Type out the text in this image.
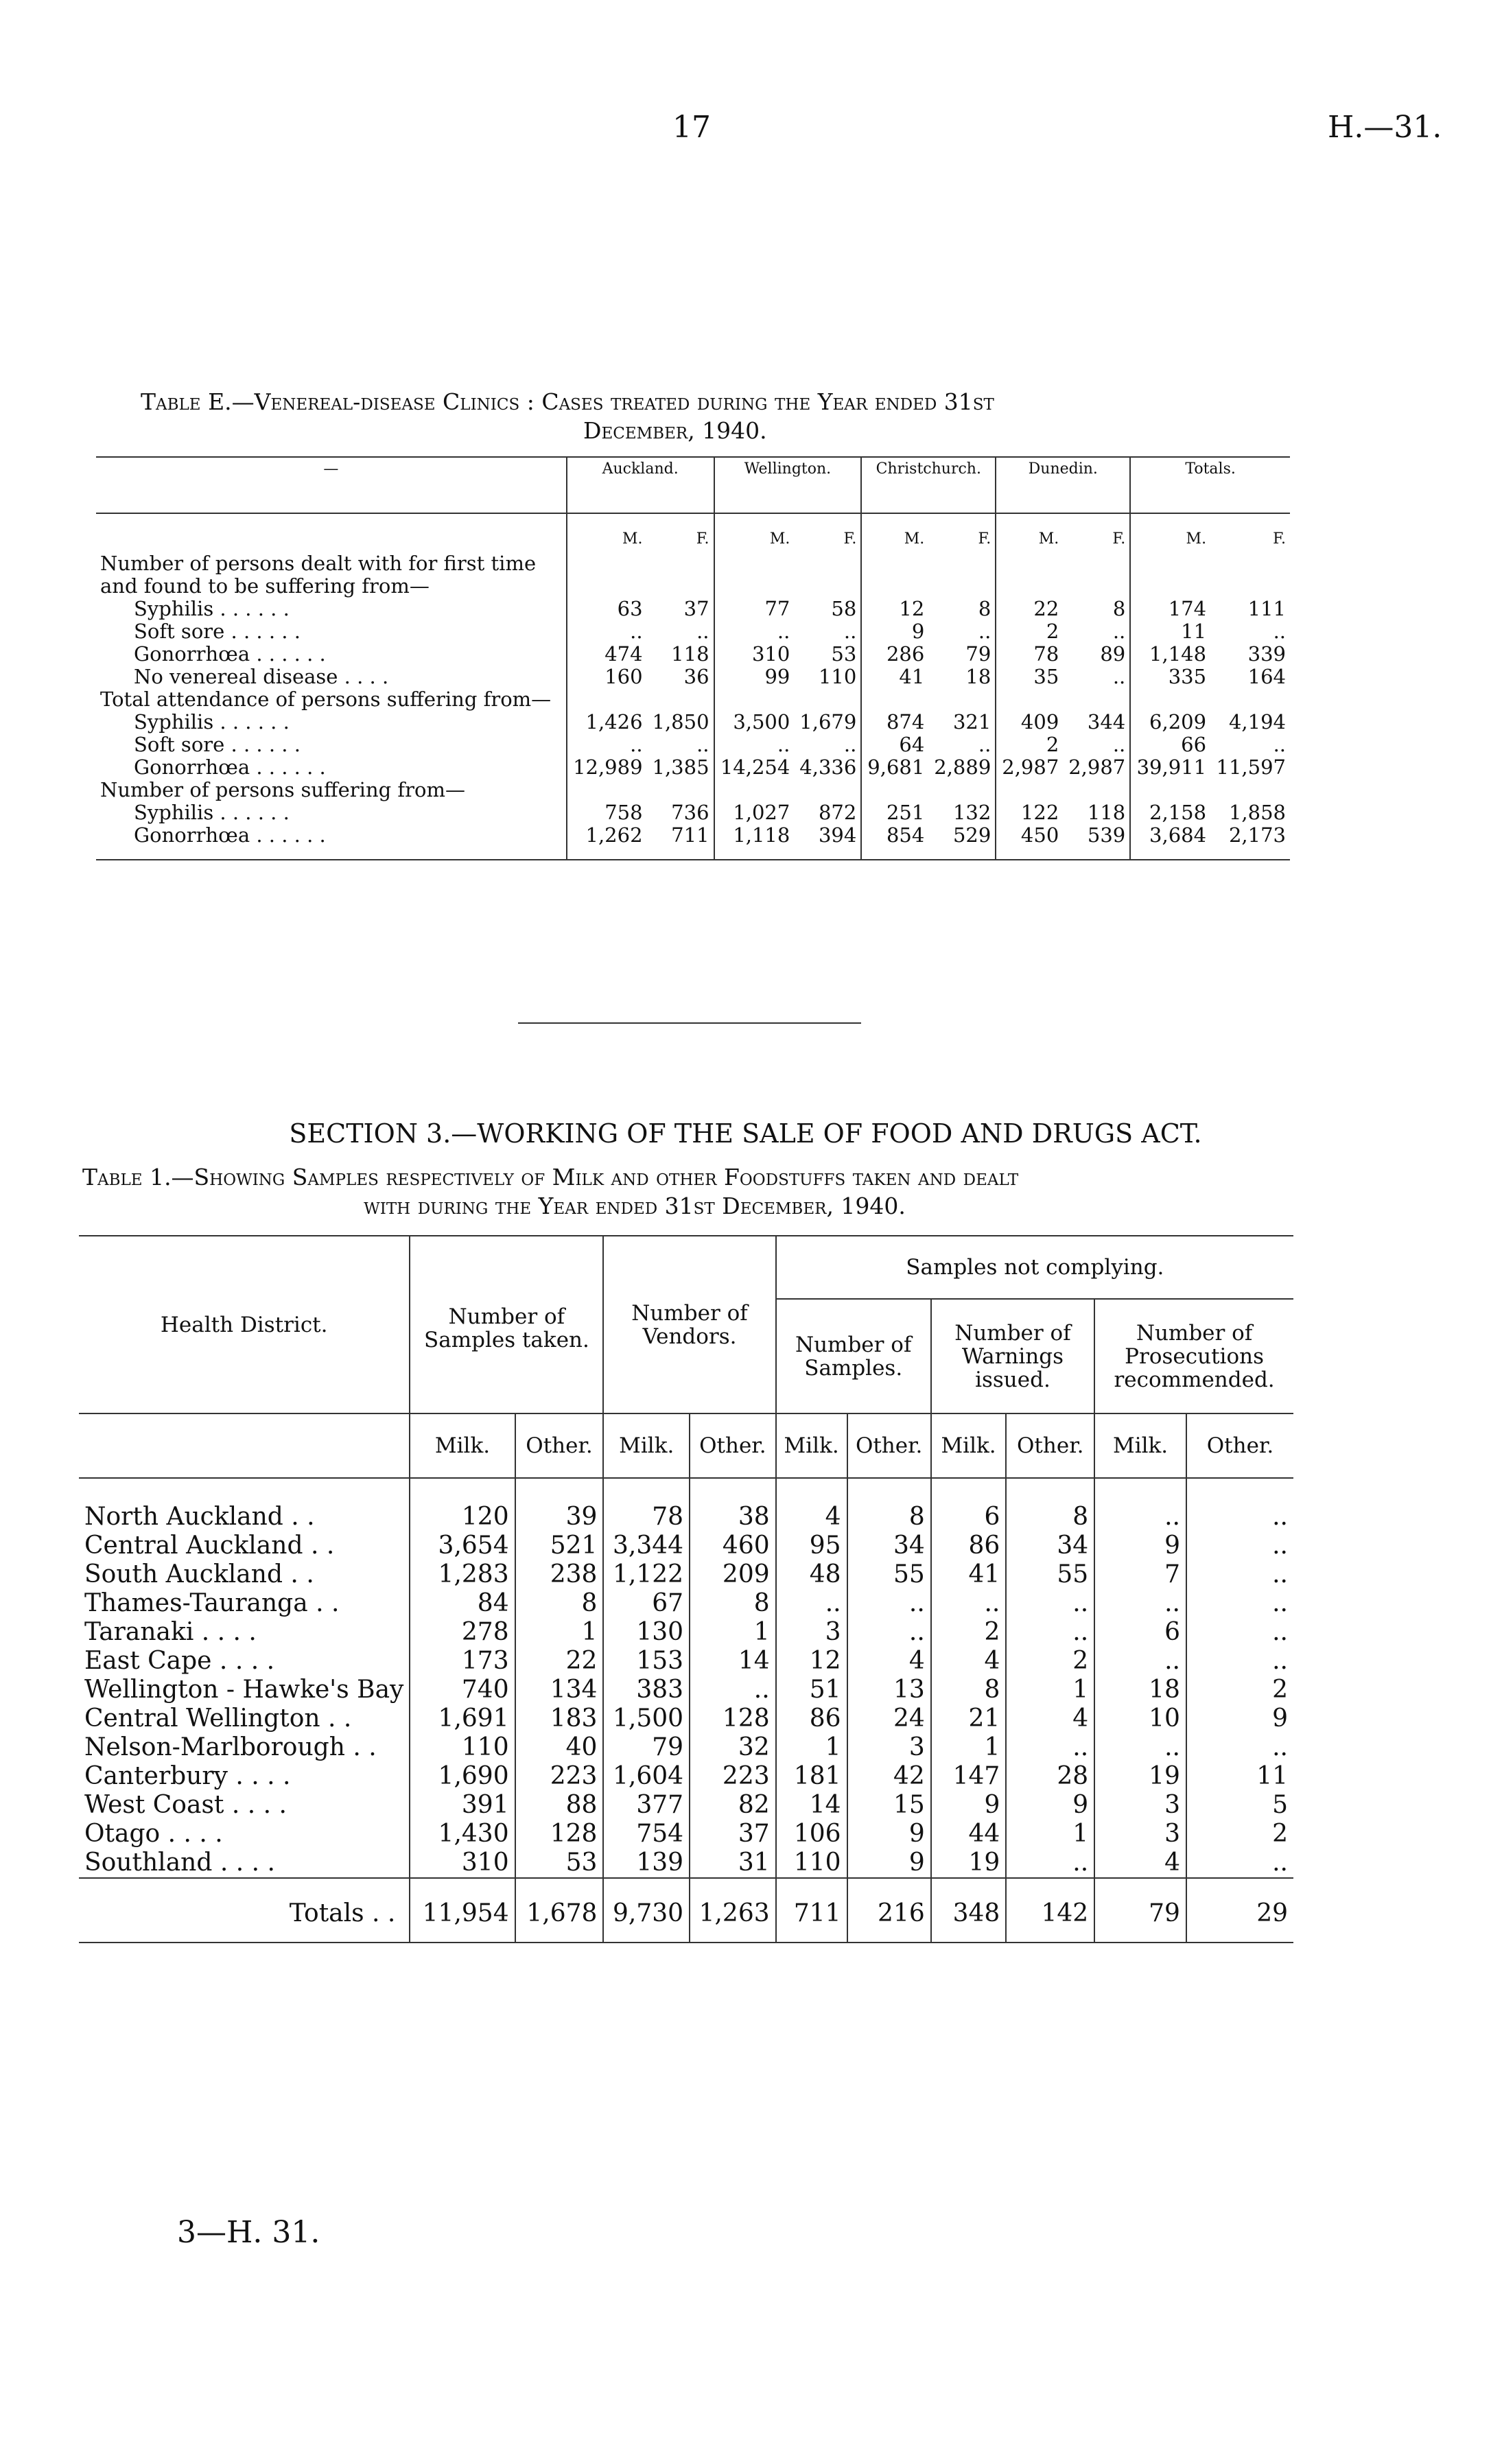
17	H.—31.
Table E.—Venereal-disease Clinics : Cases treated during the Year ended 31st
December, 1940.
—	Auckland.		Wellington.		Christchurch.		Dunedin.		Totals.	
	M.	F.	M.	F.	M.	F.	M.	F.	M.	F.
Number of persons dealt with for first time and found to be suffering from—										
Syphilis . . . . . .	63	37	77	58	12	8	22	8	174	111
Soft sore . . . . . .	..	..	..	..	9	..	2	..	11	..
Gonorrhœa . . . . . .	474	118	310	53	286	79	78	89	1,148	339
No venereal disease . . . .	160	36	99	110	41	18	35	..	335	164
Total attendance of persons suffering from—										
Syphilis . . . . . .	1,426	1,850	3,500	1,679	874	321	409	344	6,209	4,194
Soft sore . . . . . .	..	..	..	..	64	..	2	..	66	..
Gonorrhœa . . . . . .	12,989	1,385	14,254	4,336	9,681	2,889	2,987	2,987	39,911	11,597
Number of persons suffering from—										
Syphilis . . . . . .	758	736	1,027	872	251	132	122	118	2,158	1,858
Gonorrhœa . . . . . .	1,262	711	1,118	394	854	529	450	539	3,684	2,173
SECTION 3.—WORKING OF THE SALE OF FOOD AND DRUGS ACT.
Table 1.—Showing Samples respectively of Milk and other Foodstuffs taken and dealt
with during the Year ended 31st December, 1940.
Health District.	Number of Samples taken.		Number of Vendors.		Samples not complying.					
					Number of Samples.		Number of Warnings issued.		Number of Prosecutions recommended.	
	Milk.	Other.	Milk.	Other.	Milk.	Other.	Milk.	Other.	Milk.	Other.
North Auckland . .	120	39	78	38	4	8	6	8	..	..
Central Auckland . .	3,654	521	3,344	460	95	34	86	34	9	..
South Auckland . .	1,283	238	1,122	209	48	55	41	55	7	..
Thames-Tauranga . .	84	8	67	8	..	..	..	..	..	..
Taranaki . . . .	278	1	130	1	3	..	2	..	6	..
East Cape . . . .	173	22	153	14	12	4	4	2	..	..
Wellington - Hawke's Bay	740	134	383	..	51	13	8	1	18	2
Central Wellington . .	1,691	183	1,500	128	86	24	21	4	10	9
Nelson-Marlborough . .	110	40	79	32	1	3	1	..	..	..
Canterbury . . . .	1,690	223	1,604	223	181	42	147	28	19	11
West Coast . . . .	391	88	377	82	14	15	9	9	3	5
Otago . . . .	1,430	128	754	37	106	9	44	1	3	2
Southland . . . .	310	53	139	31	110	9	19	..	4	..
Totals . .	11,954	1,678	9,730	1,263	711	216	348	142	79	29
3—H. 31.
